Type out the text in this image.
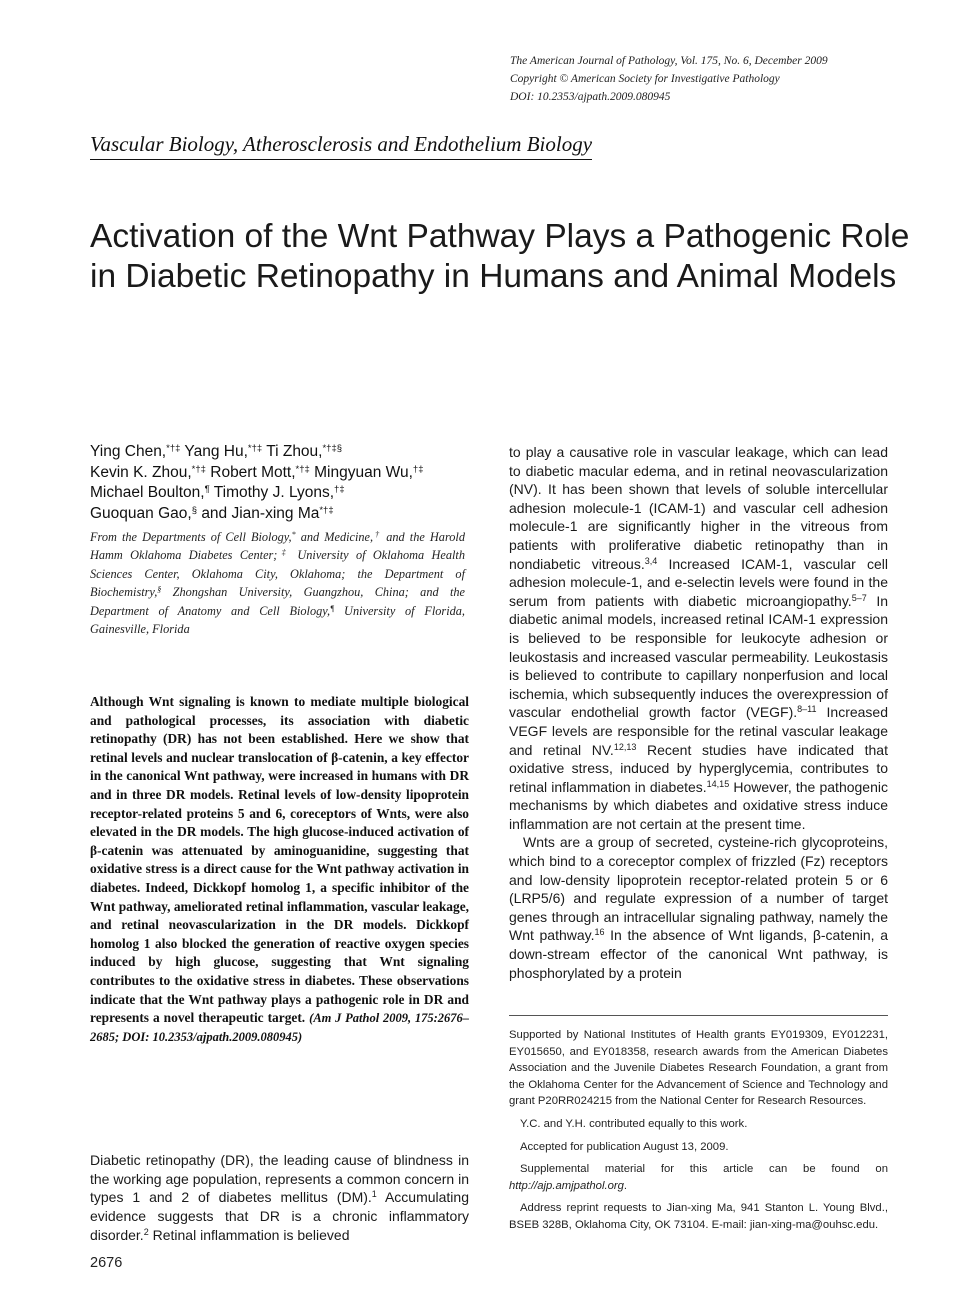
The American Journal of Pathology, Vol. 175, No. 6, December 2009
Copyright © American Society for Investigative Pathology
DOI: 10.2353/ajpath.2009.080945
Vascular Biology, Atherosclerosis and Endothelium Biology
Activation of the Wnt Pathway Plays a Pathogenic Role in Diabetic Retinopathy in Humans and Animal Models
Ying Chen,*†‡ Yang Hu,*†‡ Ti Zhou,*†‡§
Kevin K. Zhou,*†‡ Robert Mott,*†‡ Mingyuan Wu,†‡
Michael Boulton,¶ Timothy J. Lyons,†‡
Guoquan Gao,§ and Jian-xing Ma*†‡
From the Departments of Cell Biology,* and Medicine,† and the Harold Hamm Oklahoma Diabetes Center;‡ University of Oklahoma Health Sciences Center, Oklahoma City, Oklahoma; the Department of Biochemistry,§ Zhongshan University, Guangzhou, China; and the Department of Anatomy and Cell Biology,¶ University of Florida, Gainesville, Florida
Although Wnt signaling is known to mediate multiple biological and pathological processes, its association with diabetic retinopathy (DR) has not been established. Here we show that retinal levels and nuclear translocation of β-catenin, a key effector in the canonical Wnt pathway, were increased in humans with DR and in three DR models. Retinal levels of low-density lipoprotein receptor-related proteins 5 and 6, coreceptors of Wnts, were also elevated in the DR models. The high glucose-induced activation of β-catenin was attenuated by aminoguanidine, suggesting that oxidative stress is a direct cause for the Wnt pathway activation in diabetes. Indeed, Dickkopf homolog 1, a specific inhibitor of the Wnt pathway, ameliorated retinal inflammation, vascular leakage, and retinal neovascularization in the DR models. Dickkopf homolog 1 also blocked the generation of reactive oxygen species induced by high glucose, suggesting that Wnt signaling contributes to the oxidative stress in diabetes. These observations indicate that the Wnt pathway plays a pathogenic role in DR and represents a novel therapeutic target. (Am J Pathol 2009, 175:2676–2685; DOI: 10.2353/ajpath.2009.080945)
Diabetic retinopathy (DR), the leading cause of blindness in the working age population, represents a common concern in types 1 and 2 of diabetes mellitus (DM).$^1$ Accumulating evidence suggests that DR is a chronic inflammatory disorder.$^2$ Retinal inflammation is believed

to play a causative role in vascular leakage, which can lead to diabetic macular edema, and in retinal neovascularization (NV). It has been shown that levels of soluble intercellular adhesion molecule-1 (ICAM-1) and vascular cell adhesion molecule-1 are significantly higher in the vitreous from patients with proliferative diabetic retinopathy than in nondiabetic vitreous.$^{3,4}$ Increased ICAM-1, vascular cell adhesion molecule-1, and e-selectin levels were found in the serum from patients with diabetic microangiopathy.$^{5-7}$ In diabetic animal models, increased retinal ICAM-1 expression is believed to be responsible for leukocyte adhesion or leukostasis and increased vascular permeability. Leukostasis is believed to contribute to capillary nonperfusion and local ischemia, which subsequently induces the overexpression of vascular endothelial growth factor (VEGF).$^{8-11}$ Increased VEGF levels are responsible for the retinal vascular leakage and retinal NV.$^{12,13}$ Recent studies have indicated that oxidative stress, induced by hyperglycemia, contributes to retinal inflammation in diabetes.$^{14,15}$ However, the pathogenic mechanisms by which diabetes and oxidative stress induce inflammation are not certain at the present time.

Wnts are a group of secreted, cysteine-rich glycoproteins, which bind to a coreceptor complex of frizzled (Fz) receptors and low-density lipoprotein receptor-related protein 5 or 6 (LRP5/6) and regulate expression of a number of target genes through an intracellular signaling pathway, namely the Wnt pathway.$^{16}$ In the absence of Wnt ligands, β-catenin, a down-stream effector of the canonical Wnt pathway, is phosphorylated by a protein

Supported by National Institutes of Health grants EY019309, EY012231, EY015650, and EY018358, research awards from the American Diabetes Association and the Juvenile Diabetes Research Foundation, a grant from the Oklahoma Center for the Advancement of Science and Technology and grant P20RR024215 from the National Center for Research Resources.

Y.C. and Y.H. contributed equally to this work.

Accepted for publication August 13, 2009.

Supplemental material for this article can be found on http://ajp.amjpathol.org.

Address reprint requests to Jian-xing Ma, 941 Stanton L. Young Blvd., BSEB 328B, Oklahoma City, OK 73104. E-mail: jian-xing-ma@ouhsc.edu.

2676
